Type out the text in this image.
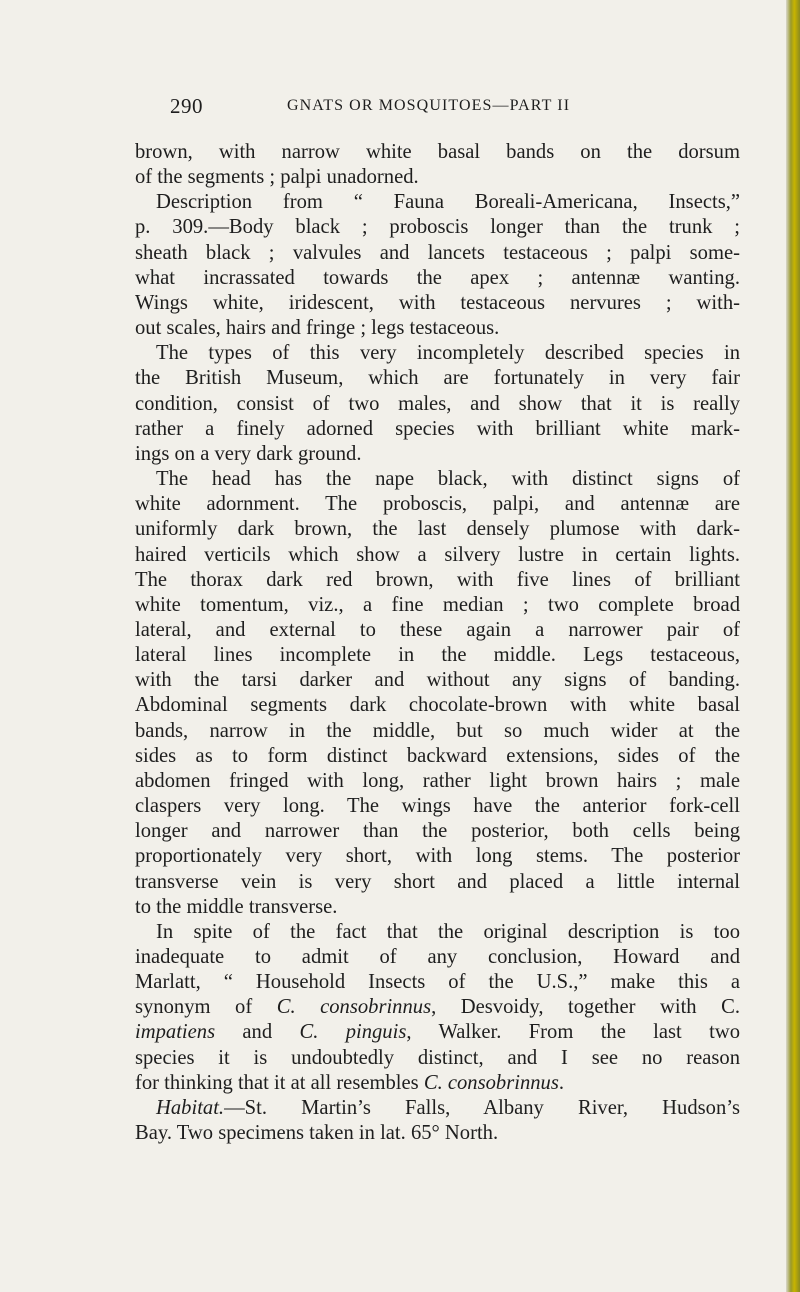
290	GNATS OR MOSQUITOES—PART II
brown, with narrow white basal bands on the dorsum
of the segments ; palpi unadorned.
Description from “ Fauna Boreali-Americana, Insects,”
p. 309.—Body black ; proboscis longer than the trunk ;
sheath black ; valvules and lancets testaceous ; palpi some-
what incrassated towards the apex ; antennæ wanting.
Wings white, iridescent, with testaceous nervures ; with-
out scales, hairs and fringe ; legs testaceous.
The types of this very incompletely described species in
the British Museum, which are fortunately in very fair
condition, consist of two males, and show that it is really
rather a finely adorned species with brilliant white mark-
ings on a very dark ground.
The head has the nape black, with distinct signs of
white adornment. The proboscis, palpi, and antennæ are
uniformly dark brown, the last densely plumose with dark-
haired verticils which show a silvery lustre in certain lights.
The thorax dark red brown, with five lines of brilliant
white tomentum, viz., a fine median ; two complete broad
lateral, and external to these again a narrower pair of
lateral lines incomplete in the middle. Legs testaceous,
with the tarsi darker and without any signs of banding.
Abdominal segments dark chocolate-brown with white basal
bands, narrow in the middle, but so much wider at the
sides as to form distinct backward extensions, sides of the
abdomen fringed with long, rather light brown hairs ; male
claspers very long. The wings have the anterior fork-cell
longer and narrower than the posterior, both cells being
proportionately very short, with long stems. The posterior
transverse vein is very short and placed a little internal
to the middle transverse.
In spite of the fact that the original description is too
inadequate to admit of any conclusion, Howard and
Marlatt, “ Household Insects of the U.S.,” make this a
synonym of C. consobrinnus, Desvoidy, together with C.
impatiens and C. pinguis, Walker. From the last two
species it is undoubtedly distinct, and I see no reason
for thinking that it at all resembles C. consobrinnus.
Habitat.—St. Martin’s Falls, Albany River, Hudson’s
Bay. Two specimens taken in lat. 65° North.
